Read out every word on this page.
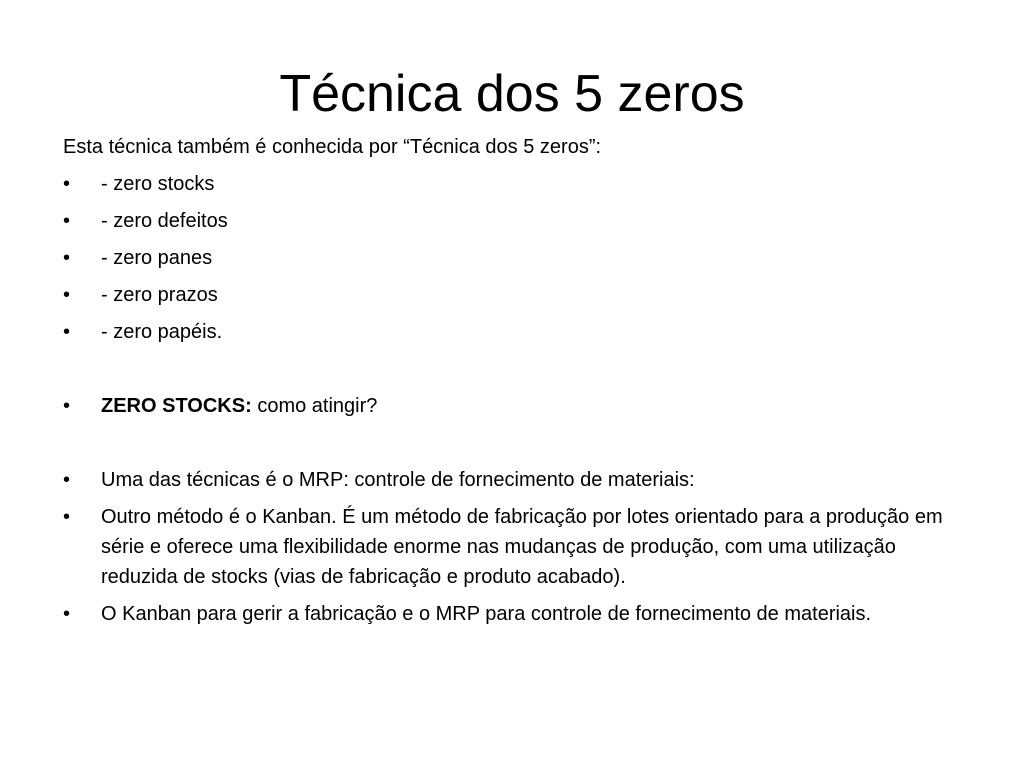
Técnica dos 5 zeros

Esta técnica também é conhecida por “Técnica dos 5 zeros”:

•	- zero stocks
•	- zero defeitos
•	- zero panes
•	- zero prazos
•	- zero papéis.
•	ZERO STOCKS: como atingir?
•	Uma das técnicas é o MRP: controle de fornecimento de materiais:
•	Outro método é o Kanban. É um método de fabricação por lotes orientado para a produção em série e oferece uma flexibilidade enorme nas mudanças de produção, com uma utilização reduzida de stocks (vias de fabricação e produto acabado).
•	O Kanban para gerir a fabricação e o MRP para controle de fornecimento de materiais.
